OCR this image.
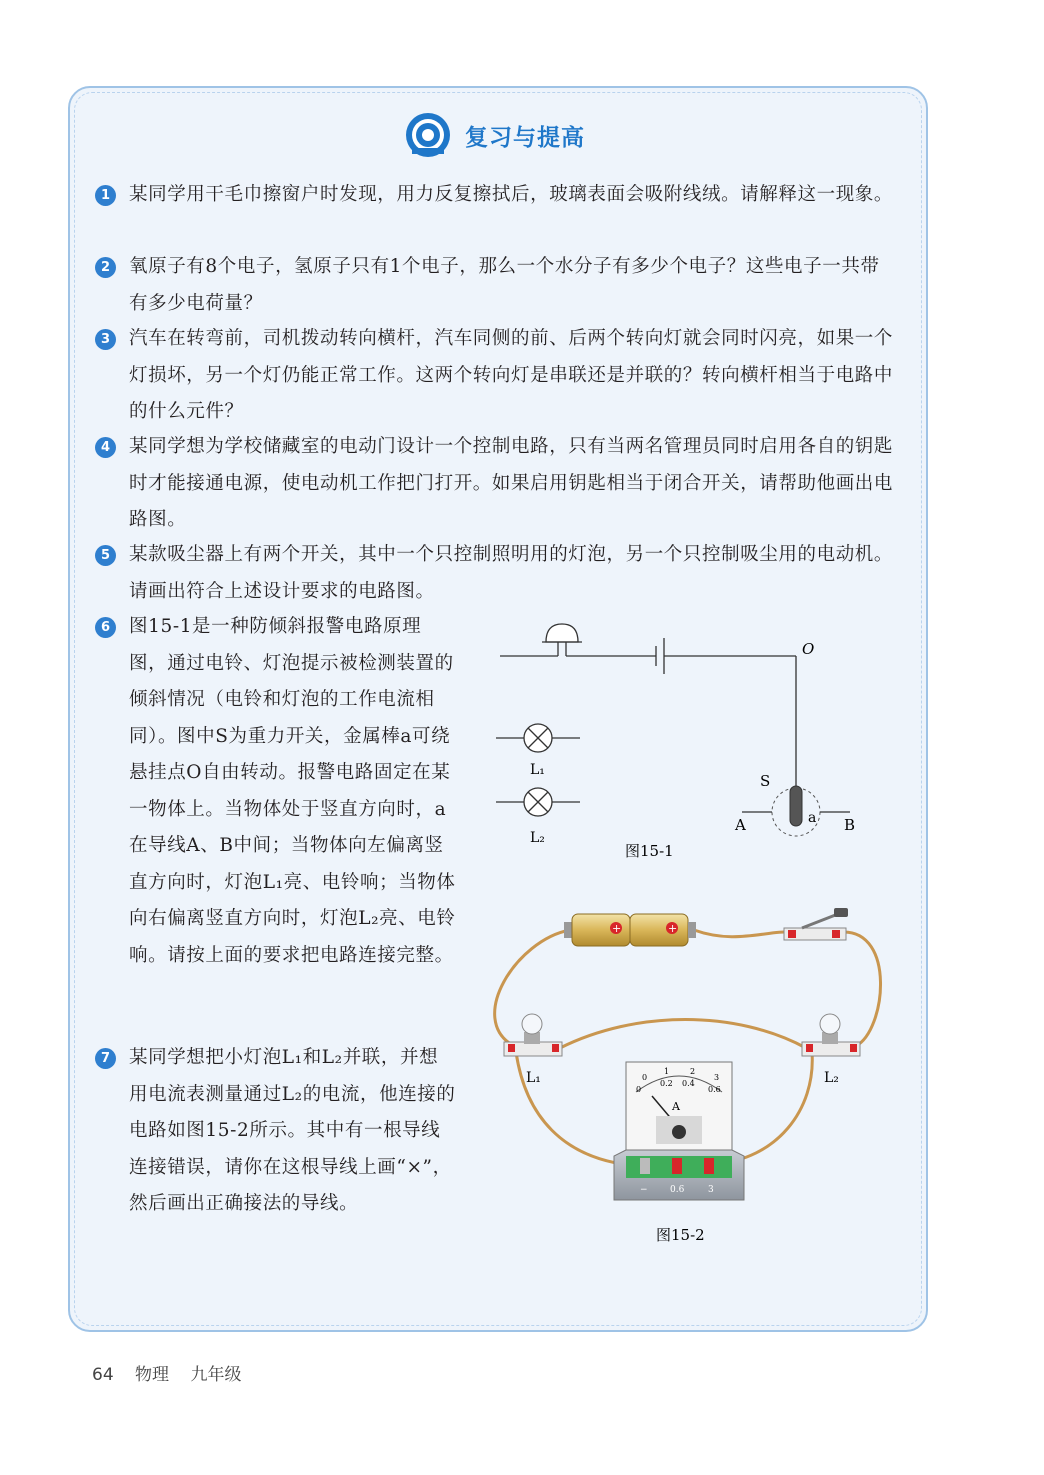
复习与提高
1	某同学用干毛巾擦窗户时发现，用力反复擦拭后，玻璃表面会吸附线绒。请解释这一现象。
2	氧原子有8个电子，氢原子只有1个电子，那么一个水分子有多少个电子？这些电子一共带有多少电荷量？
3	汽车在转弯前，司机拨动转向横杆，汽车同侧的前、后两个转向灯就会同时闪亮，如果一个灯损坏，另一个灯仍能正常工作。这两个转向灯是串联还是并联的？转向横杆相当于电路中的什么元件？
4	某同学想为学校储藏室的电动门设计一个控制电路，只有当两名管理员同时启用各自的钥匙时才能接通电源，使电动机工作把门打开。如果启用钥匙相当于闭合开关，请帮助他画出电路图。
5	某款吸尘器上有两个开关，其中一个只控制照明用的灯泡，另一个只控制吸尘用的电动机。请画出符合上述设计要求的电路图。
6	图15-1是一种防倾斜报警电路原理图，通过电铃、灯泡提示被检测装置的倾斜情况（电铃和灯泡的工作电流相同）。图中S为重力开关，金属棒a可绕悬挂点O自由转动。报警电路固定在某一物体上。当物体处于竖直方向时，a在导线A、B中间；当物体向左偏离竖直方向时，灯泡L₁亮、电铃响；当物体向右偏离竖直方向时，灯泡L₂亮、电铃响。请按上面的要求把电路连接完整。
7	某同学想把小灯泡L₁和L₂并联，并想用电流表测量通过L₂的电流，他连接的电路如图15-2所示。其中有一根导线连接错误，请你在这根导线上画“×”，然后画出正确接法的导线。
O
S
a
A	B
L₁
L₂
图15-1
+	+
L₁	L₂
A
0
0.2 0.4
0.6
0
1	2
3
− 0.6	3
图15-2
64 物理 九年级
